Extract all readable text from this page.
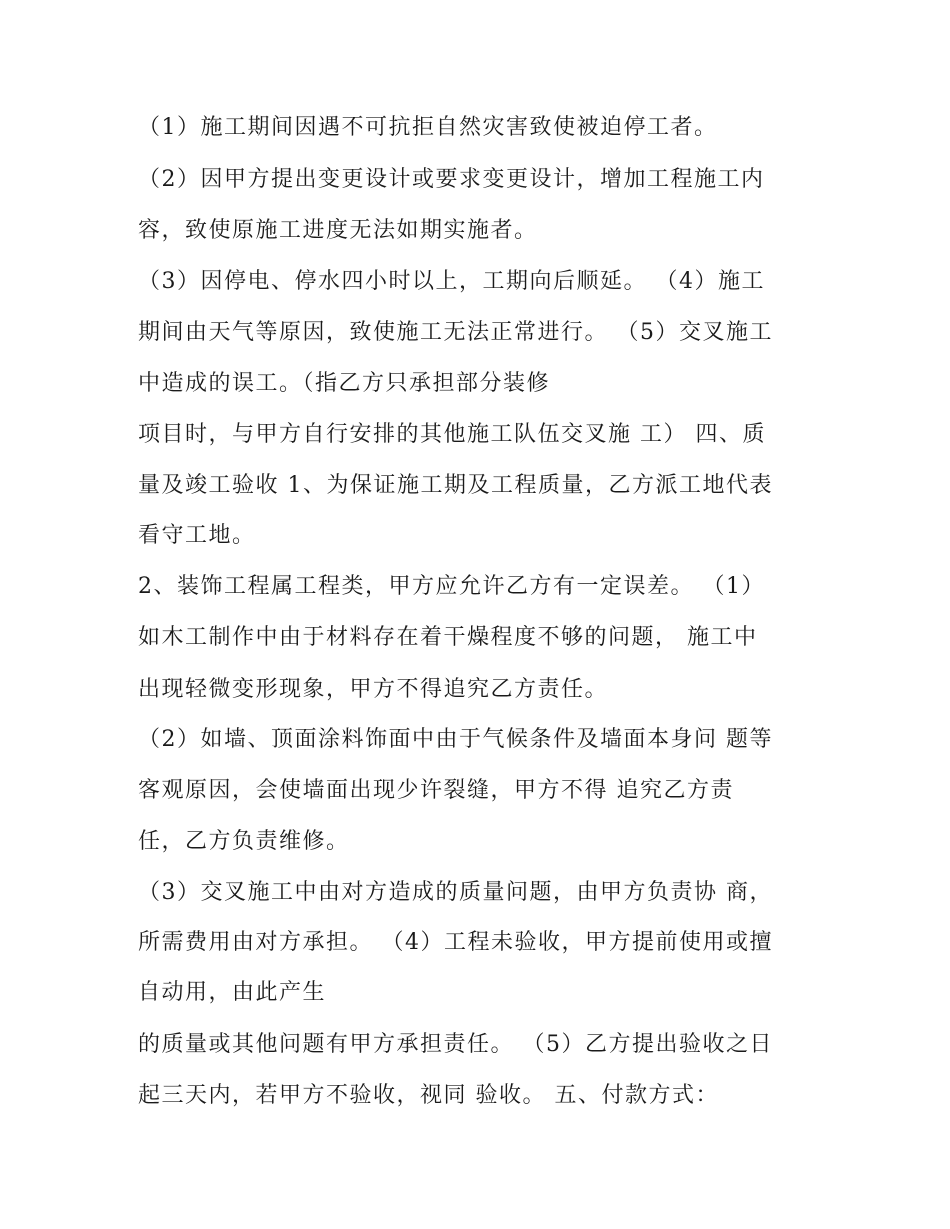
（1）施工期间因遇不可抗拒自然灾害致使被迫停工者。

（2）因甲方提出变更设计或要求变更设计，增加工程施工内

容，致使原施工进度无法如期实施者。

（3）因停电、停水四小时以上，工期向后顺延。 （4）施工

期间由天气等原因，致使施工无法正常进行。 （5）交叉施工

中造成的误工。（指乙方只承担部分装修

项目时，与甲方自行安排的其他施工队伍交叉施 工） 四、质

量及竣工验收 1、为保证施工期及工程质量，乙方派工地代表

看守工地。

2、装饰工程属工程类，甲方应允许乙方有一定误差。 （1）

如木工制作中由于材料存在着干燥程度不够的问题， 施工中

出现轻微变形现象，甲方不得追究乙方责任。

（2）如墙、顶面涂料饰面中由于气候条件及墙面本身问 题等

客观原因，会使墙面出现少许裂缝，甲方不得 追究乙方责

任，乙方负责维修。

（3）交叉施工中由对方造成的质量问题，由甲方负责协 商，

所需费用由对方承担。 （4）工程未验收，甲方提前使用或擅

自动用，由此产生

的质量或其他问题有甲方承担责任。 （5）乙方提出验收之日

起三天内，若甲方不验收，视同 验收。 五、付款方式：
